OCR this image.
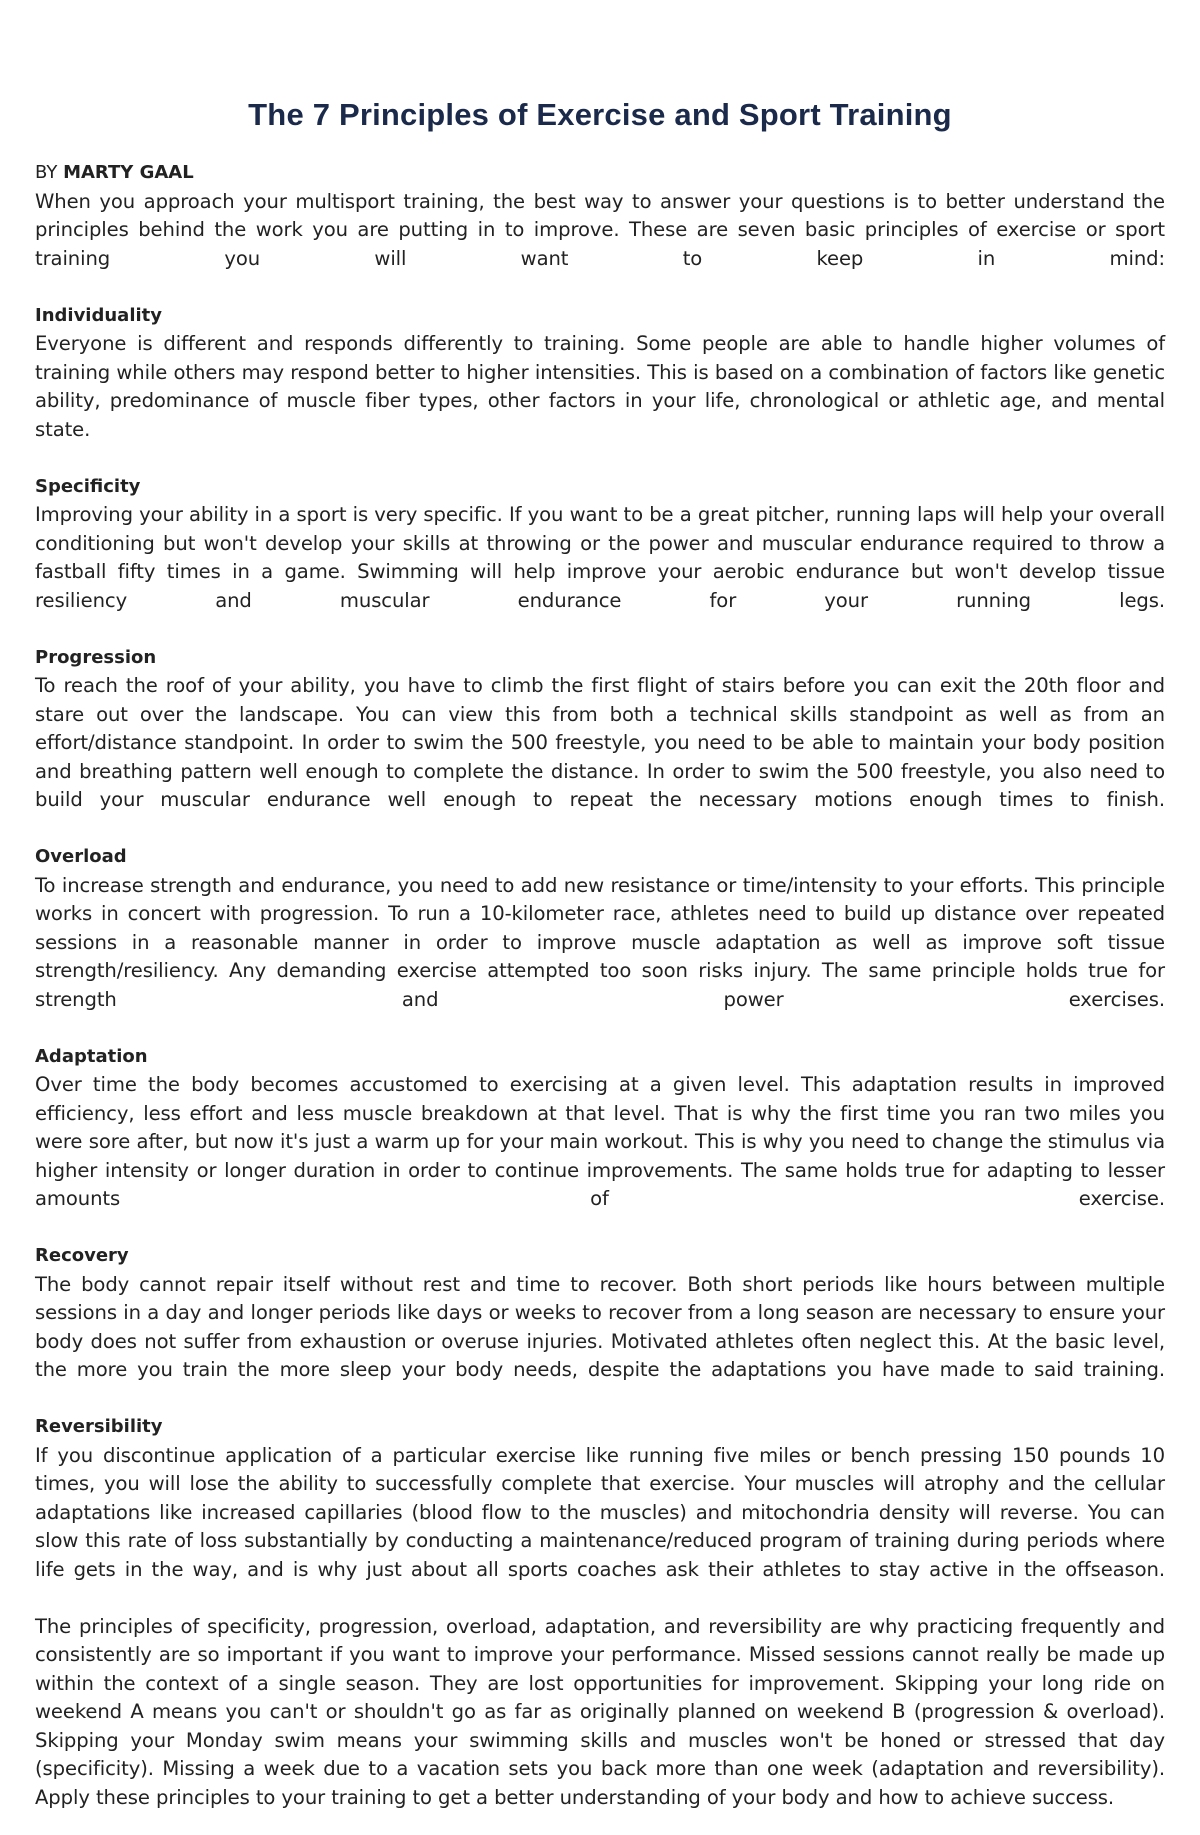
The 7 Principles of Exercise and Sport Training

BY MARTY GAAL

When you approach your multisport training, the best way to answer your questions is to better understand the principles behind the work you are putting in to improve. These are seven basic principles of exercise or sport training you will want to keep in mind:

Individuality

Everyone is different and responds differently to training. Some people are able to handle higher volumes of training while others may respond better to higher intensities. This is based on a combination of factors like genetic ability, predominance of muscle fiber types, other factors in your life, chronological or athletic age, and mental state.

Specificity

Improving your ability in a sport is very specific. If you want to be a great pitcher, running laps will help your overall conditioning but won't develop your skills at throwing or the power and muscular endurance required to throw a fastball fifty times in a game. Swimming will help improve your aerobic endurance but won't develop tissue resiliency and muscular endurance for your running legs.

Progression

To reach the roof of your ability, you have to climb the first flight of stairs before you can exit the 20th floor and stare out over the landscape. You can view this from both a technical skills standpoint as well as from an effort/distance standpoint. In order to swim the 500 freestyle, you need to be able to maintain your body position and breathing pattern well enough to complete the distance. In order to swim the 500 freestyle, you also need to build your muscular endurance well enough to repeat the necessary motions enough times to finish.

Overload

To increase strength and endurance, you need to add new resistance or time/intensity to your efforts. This principle works in concert with progression. To run a 10-kilometer race, athletes need to build up distance over repeated sessions in a reasonable manner in order to improve muscle adaptation as well as improve soft tissue strength/resiliency. Any demanding exercise attempted too soon risks injury. The same principle holds true for strength and power exercises.

Adaptation

Over time the body becomes accustomed to exercising at a given level. This adaptation results in improved efficiency, less effort and less muscle breakdown at that level. That is why the first time you ran two miles you were sore after, but now it's just a warm up for your main workout. This is why you need to change the stimulus via higher intensity or longer duration in order to continue improvements. The same holds true for adapting to lesser amounts of exercise.

Recovery

The body cannot repair itself without rest and time to recover. Both short periods like hours between multiple sessions in a day and longer periods like days or weeks to recover from a long season are necessary to ensure your body does not suffer from exhaustion or overuse injuries. Motivated athletes often neglect this. At the basic level, the more you train the more sleep your body needs, despite the adaptations you have made to said training.

Reversibility

If you discontinue application of a particular exercise like running five miles or bench pressing 150 pounds 10 times, you will lose the ability to successfully complete that exercise. Your muscles will atrophy and the cellular adaptations like increased capillaries (blood flow to the muscles) and mitochondria density will reverse. You can slow this rate of loss substantially by conducting a maintenance/reduced program of training during periods where life gets in the way, and is why just about all sports coaches ask their athletes to stay active in the offseason.

The principles of specificity, progression, overload, adaptation, and reversibility are why practicing frequently and consistently are so important if you want to improve your performance. Missed sessions cannot really be made up within the context of a single season. They are lost opportunities for improvement. Skipping your long ride on weekend A means you can't or shouldn't go as far as originally planned on weekend B (progression & overload). Skipping your Monday swim means your swimming skills and muscles won't be honed or stressed that day (specificity). Missing a week due to a vacation sets you back more than one week (adaptation and reversibility). Apply these principles to your training to get a better understanding of your body and how to achieve success.
